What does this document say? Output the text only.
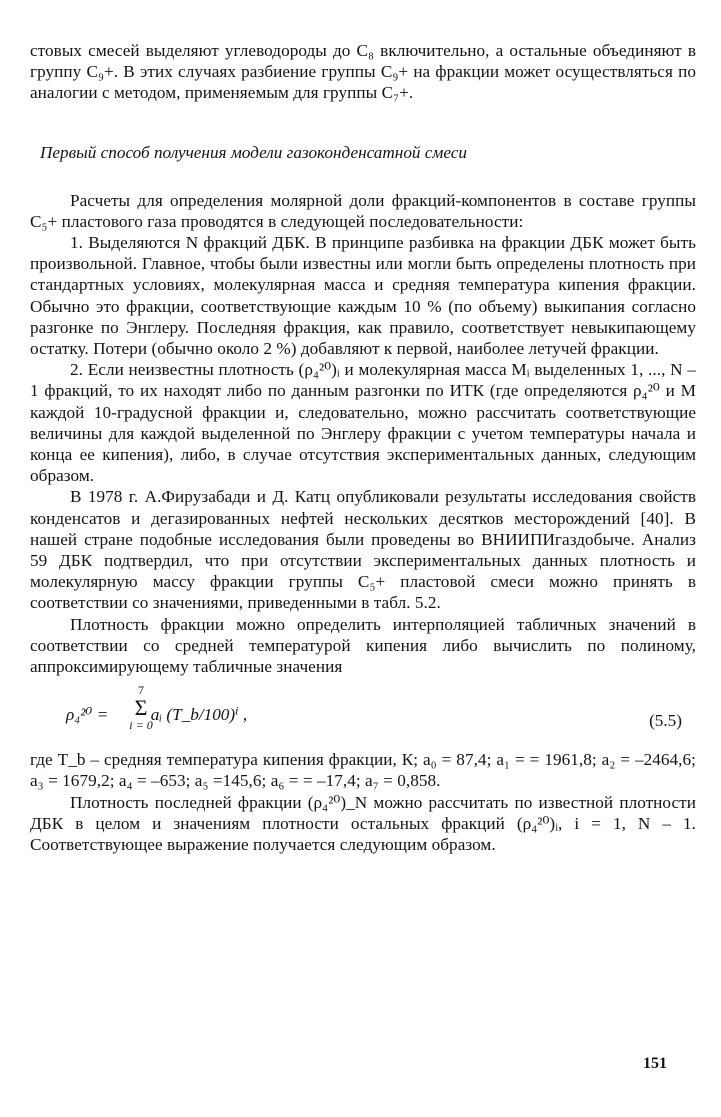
стовых смесей выделяют углеводороды до C₈ включительно, а остальные объединяют в группу C₉+. В этих случаях разбиение группы C₉+ на фракции может осуществляться по аналогии с методом, применяемым для группы C₇+.

Первый способ получения модели газоконденсатной смеси

Расчеты для определения молярной доли фракций-компонентов в составе группы C₅+ пластового газа проводятся в следующей последовательности:

1. Выделяются N фракций ДБК. В принципе разбивка на фракции ДБК может быть произвольной. Главное, чтобы были известны или могли быть определены плотность при стандартных условиях, молекулярная масса и средняя температура кипения фракции. Обычно это фракции, соответствующие каждым 10 % (по объему) выкипания согласно разгонке по Энглеру. Последняя фракция, как правило, соответствует невыкипающему остатку. Потери (обычно около 2 %) добавляют к первой, наиболее летучей фракции.

2. Если неизвестны плотность (ρ₄²⁰)ᵢ и молекулярная масса Mᵢ выделенных 1, ..., N – 1 фракций, то их находят либо по данным разгонки по ИТК (где определяются ρ₄²⁰ и M каждой 10-градусной фракции и, следовательно, можно рассчитать соответствующие величины для каждой выделенной по Энглеру фракции с учетом температуры начала и конца ее кипения), либо, в случае отсутствия экспериментальных данных, следующим образом.

В 1978 г. А.Фирузабади и Д. Катц опубликовали результаты исследования свойств конденсатов и дегазированных нефтей нескольких десятков месторождений [40]. В нашей стране подобные исследования были проведены во ВНИИПИгаздобыче. Анализ 59 ДБК подтвердил, что при отсутствии экспериментальных данных плотность и молекулярную массу фракции группы C₅+ пластовой смеси можно принять в соответствии со значениями, приведенными в табл. 5.2.

Плотность фракции можно определить интерполяцией табличных значений в соответствии со средней температурой кипения либо вычислить по полиному, аппроксимирующему табличные значения

ρ₄²⁰ = aᵢ (T_b/100)ⁱ ,
7
Σ
i = 0	(5.5)

где T_b – средняя температура кипения фракции, К; a₀ = 87,4; a₁ = = 1961,8; a₂ = –2464,6; a₃ = 1679,2; a₄ = –653; a₅ =145,6; a₆ = = –17,4; a₇ = 0,858.

Плотность последней фракции (ρ₄²⁰)_N можно рассчитать по известной плотности ДБК в целом и значениям плотности остальных фракций (ρ₄²⁰)ᵢ, i = 1, N – 1. Соответствующее выражение получается следующим образом.

151
